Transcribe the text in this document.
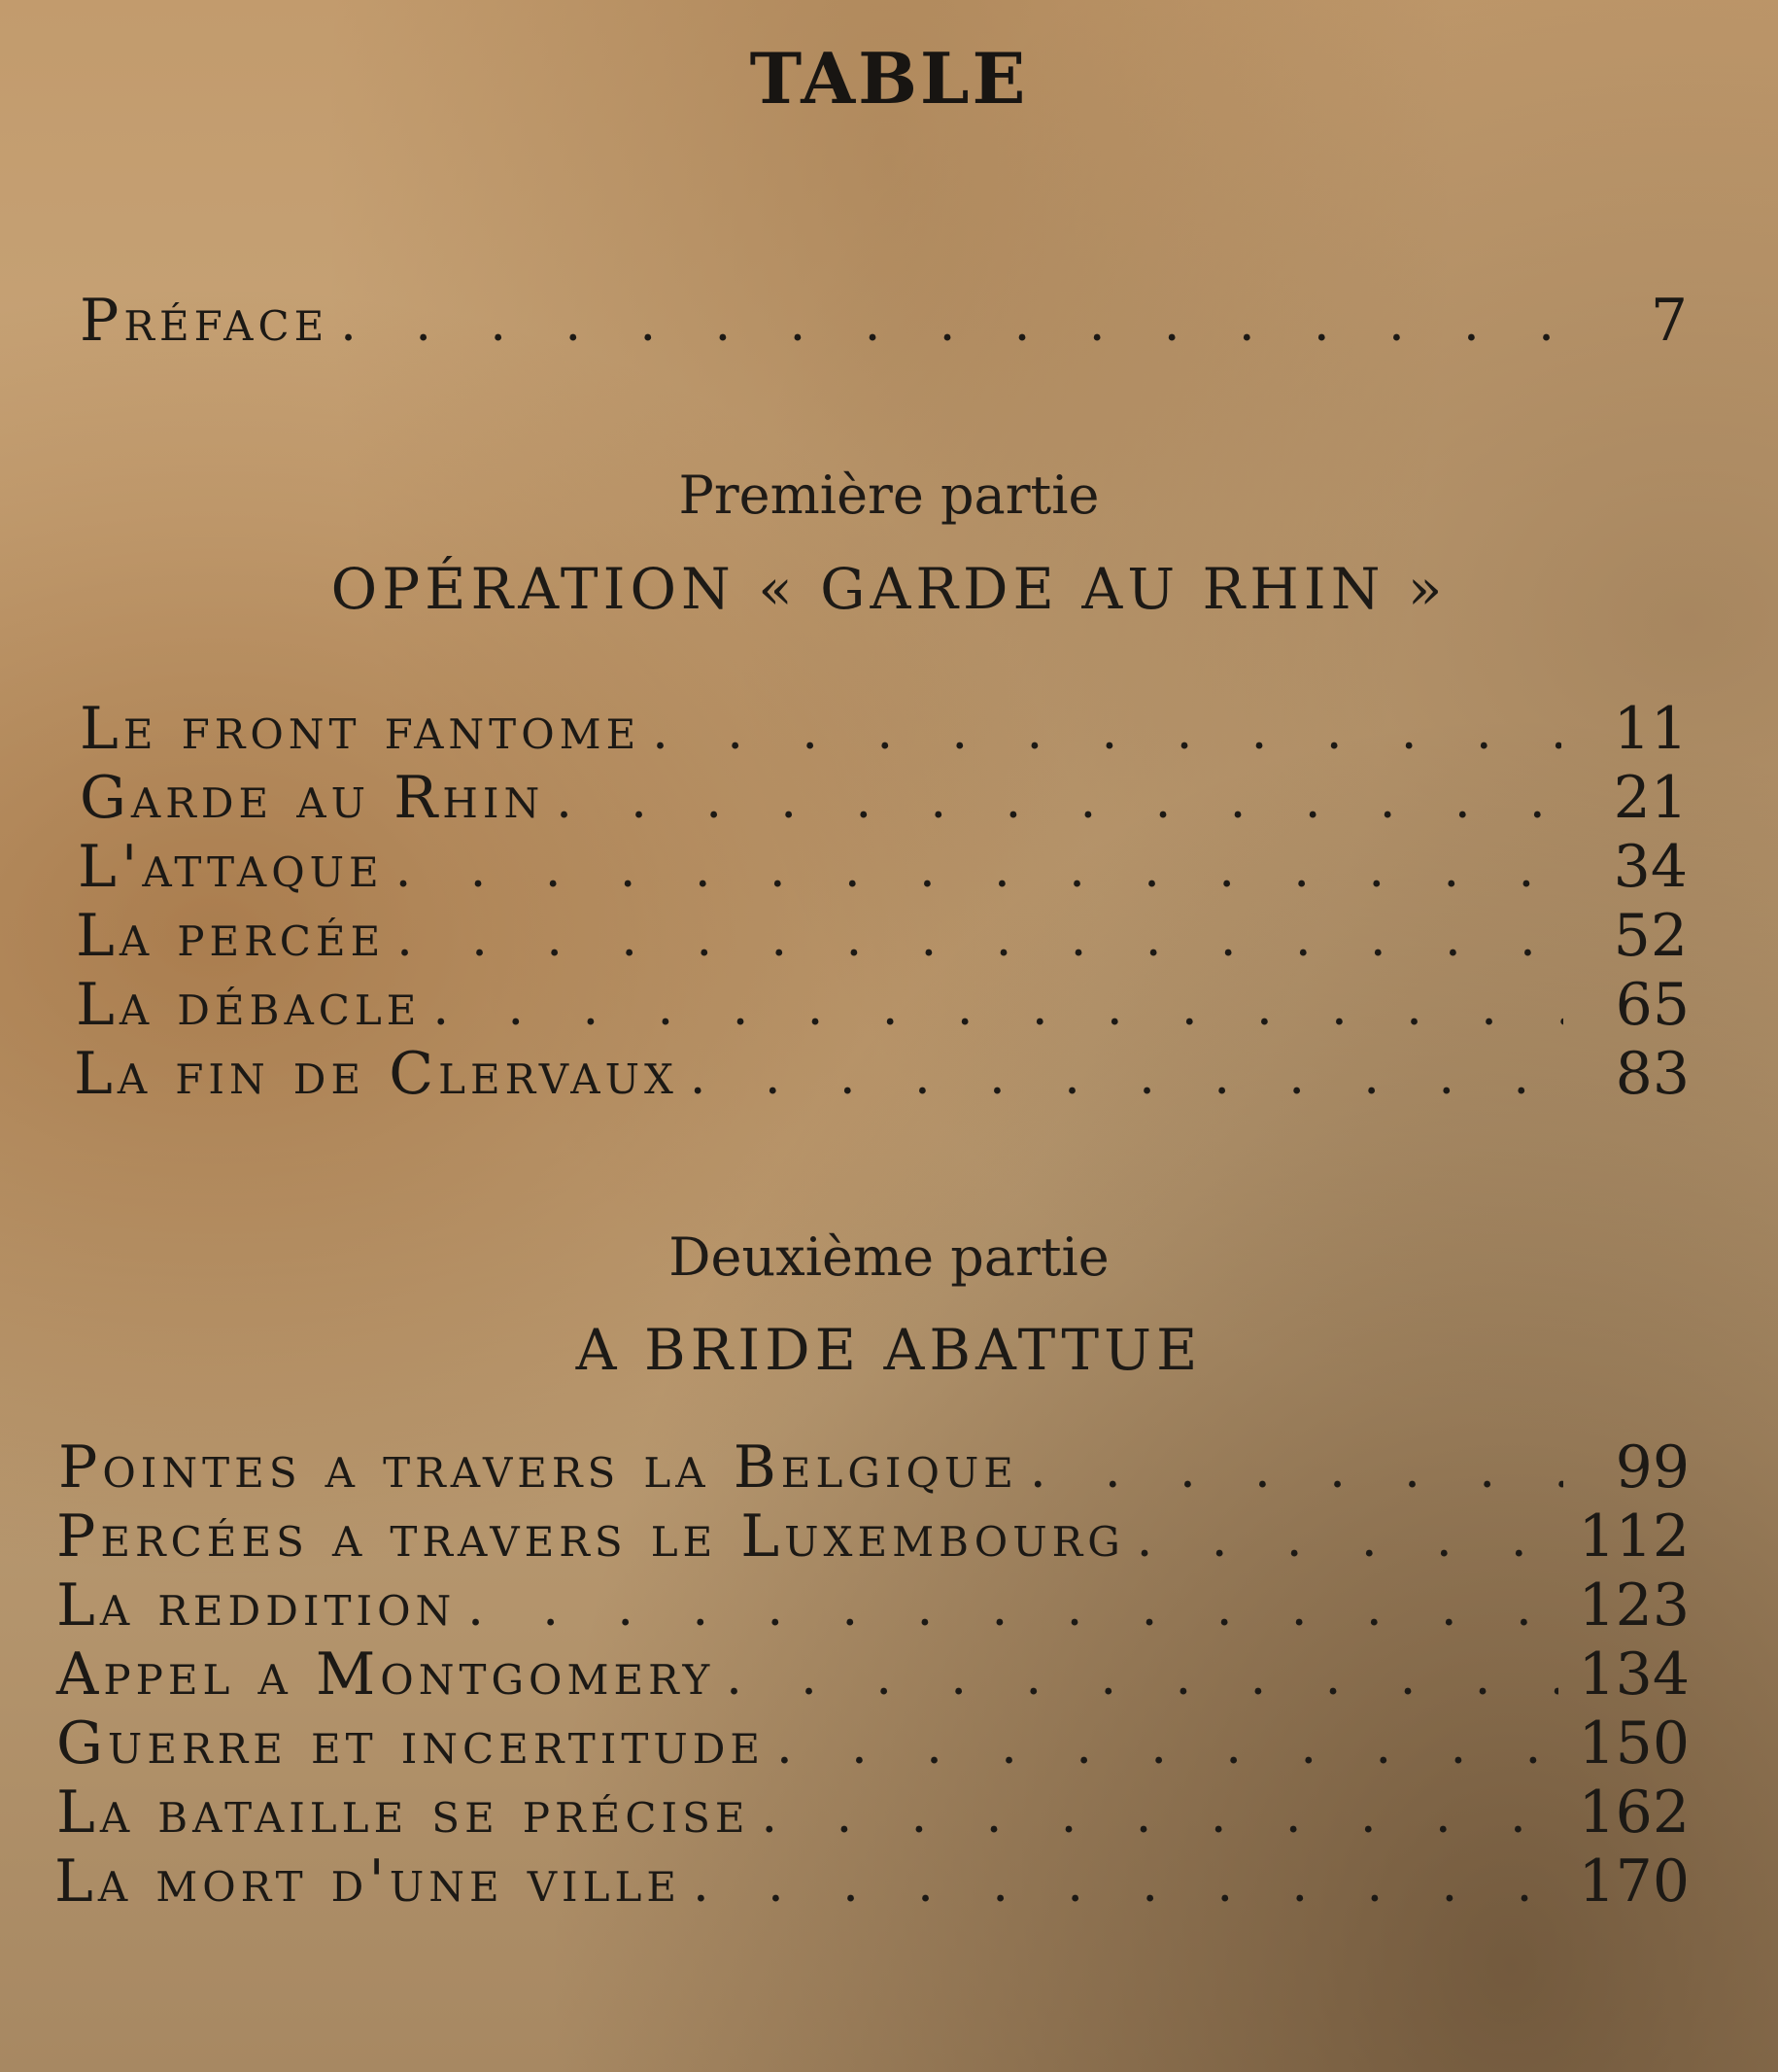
TABLE
Préface . . .	7

Première partie

OPÉRATION « GARDE AU RHIN »

Le front fantome . . .	11
Garde au Rhin . . .	21
L'attaque . . .	34
La percée . . .	52
La débacle . . .	65
La fin de Clervaux . . .	83

Deuxième partie

A BRIDE ABATTUE

Pointes a travers la Belgique . . .	99
Percées a travers le Luxembourg . . .	112
La reddition . . .	123
Appel a Montgomery . . .	134
Guerre et incertitude . . .	150
La bataille se précise . . .	162
La mort d'une ville . . .	170
